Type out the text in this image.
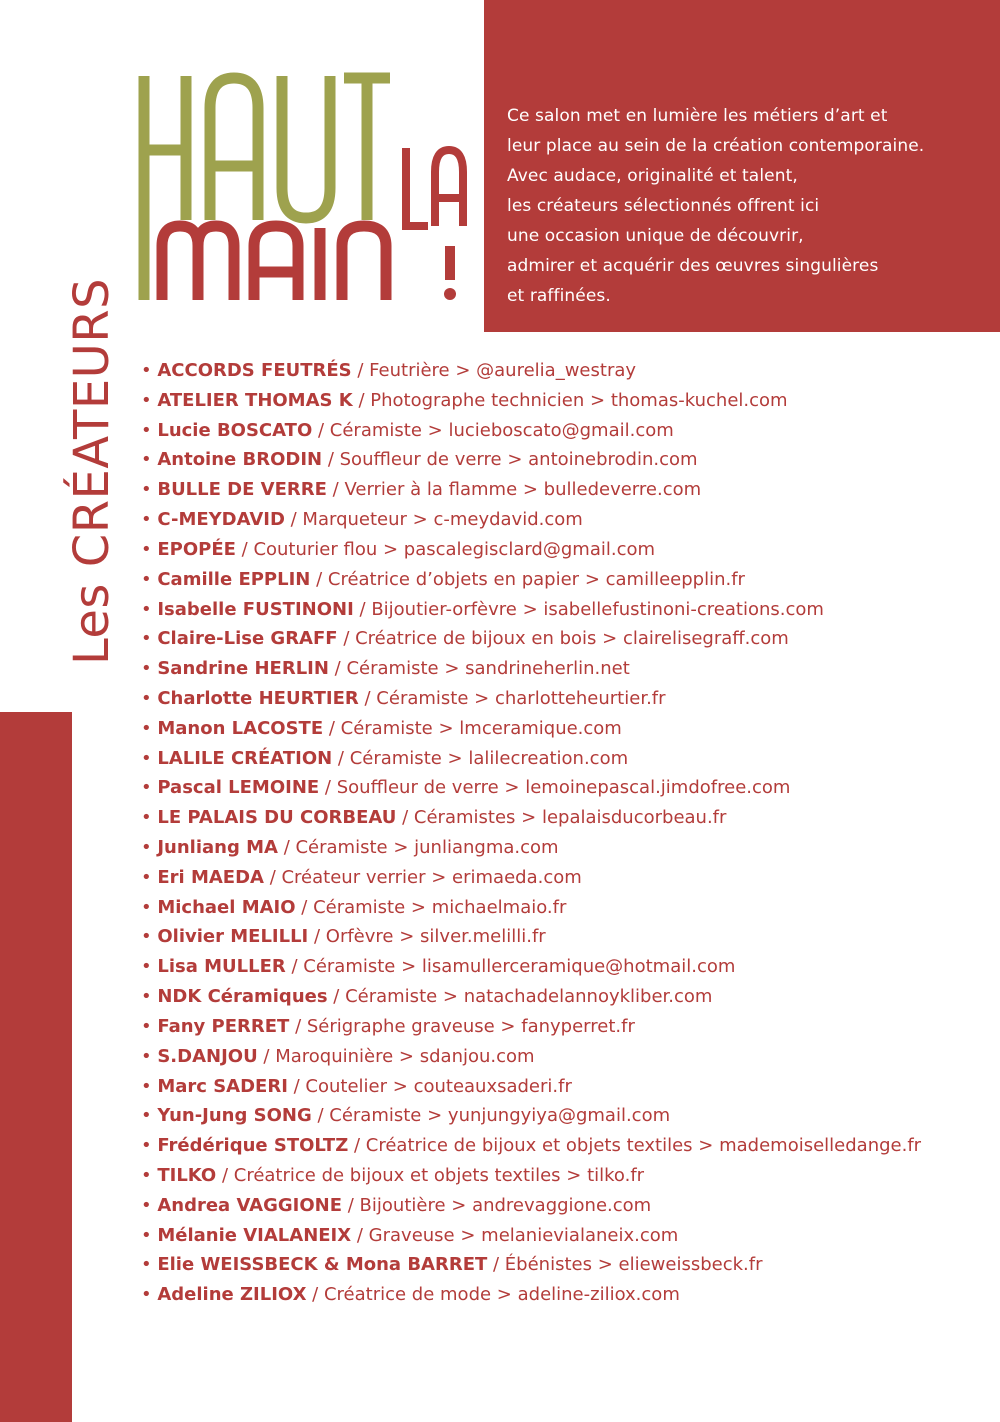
HAUT
Ce salon met en lumière les métiers d’art et
leur place au sein de la création contemporaine.
Avec audace, originalité et talent,
les créateurs sélectionnés offrent ici
une occasion unique de découvrir,
admirer et acquérir des œuvres singulières
et raffinées.
Les CRÉATEURS • ACCORDS FEUTRÉS / Feutrière > @aurelia_westray
• ATELIER THOMAS K / Photographe technicien > thomas-kuchel.com
• Lucie BOSCATO / Céramiste > lucieboscato@gmail.com
• Antoine BRODIN / Souffleur de verre > antoinebrodin.com
• BULLE DE VERRE / Verrier à la flamme > bulledeverre.com
• C-MEYDAVID / Marqueteur > c-meydavid.com
• EPOPÉE / Couturier flou > pascalegisclard@gmail.com
• Camille EPPLIN / Créatrice d’objets en papier > camilleepplin.fr
• Isabelle FUSTINONI / Bijoutier-orfèvre > isabellefustinoni-creations.com
• Claire-Lise GRAFF / Créatrice de bijoux en bois > clairelisegraff.com
• Sandrine HERLIN / Céramiste > sandrineherlin.net
• Charlotte HEURTIER / Céramiste > charlotteheurtier.fr
• Manon LACOSTE / Céramiste > lmceramique.com
• LALILE CRÉATION / Céramiste > lalilecreation.com
• Pascal LEMOINE / Souffleur de verre > lemoinepascal.jimdofree.com
• LE PALAIS DU CORBEAU / Céramistes > lepalaisducorbeau.fr
• Junliang MA / Céramiste > junliangma.com
• Eri MAEDA / Créateur verrier > erimaeda.com
• Michael MAIO / Céramiste > michaelmaio.fr
• Olivier MELILLI / Orfèvre > silver.melilli.fr
• Lisa MULLER / Céramiste > lisamullerceramique@hotmail.com
• NDK Céramiques / Céramiste > natachadelannoykliber.com
• Fany PERRET / Sérigraphe graveuse > fanyperret.fr
• S.DANJOU / Maroquinière > sdanjou.com
• Marc SADERI / Coutelier > couteauxsaderi.fr
• Yun-Jung SONG / Céramiste > yunjungyiya@gmail.com
• Frédérique STOLTZ / Créatrice de bijoux et objets textiles > mademoiselledange.fr
• TILKO / Créatrice de bijoux et objets textiles > tilko.fr
• Andrea VAGGIONE / Bijoutière > andrevaggione.com
• Mélanie VIALANEIX / Graveuse > melanievialaneix.com
• Elie WEISSBECK & Mona BARRET / Ébénistes > elieweissbeck.fr
• Adeline ZILIOX / Créatrice de mode > adeline-ziliox.com
